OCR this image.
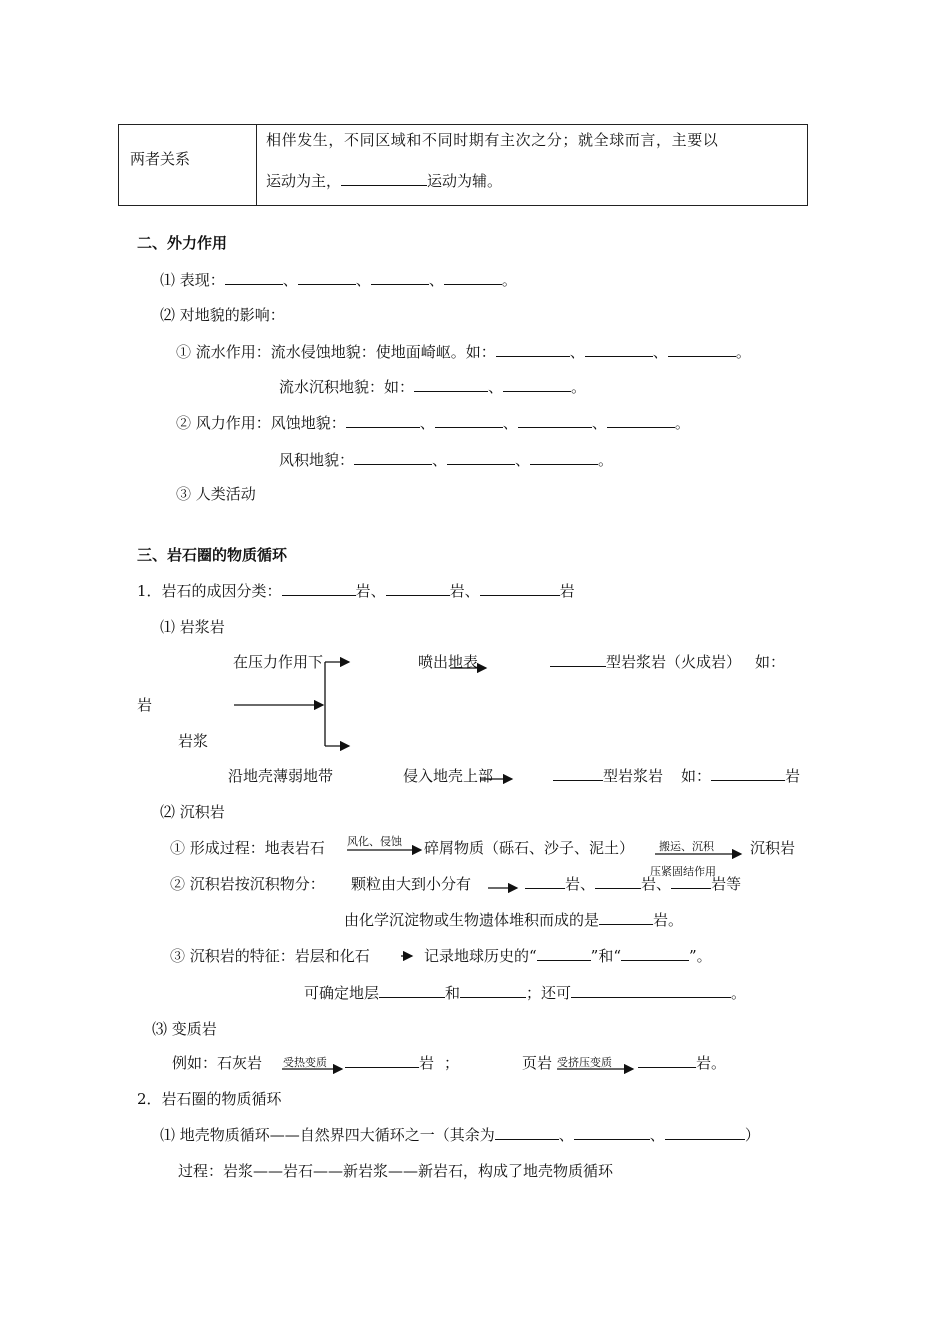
两者关系
相伴发生，不同区域和不同时期有主次之分；就全球而言，主要以
运动为主，	运动为辅。
二、外力作用
⑴ 表现：	、	、	、	。
⑵ 对地貌的影响：
① 流水作用：流水侵蚀地貌：使地面崎岖。如：	、	、	。
流水沉积地貌：如：	、	。
② 风力作用：风蚀地貌：	、	、	、	。
风积地貌：	、	、	。
③ 人类活动
三、岩石圈的物质循环
1．岩石的成因分类：	岩、	岩、	岩
⑴ 岩浆岩
在压力作用下	喷出地表	型岩浆岩（火成岩） 如：
岩
岩浆
沿地壳薄弱地带	侵入地壳上部	型岩浆岩 如：	岩
⑵ 沉积岩
① 形成过程：地表岩石 风化、侵蚀 碎屑物质（砾石、沙子、泥土） 搬运、沉积
压紧固结作用
沉积岩
② 沉积岩按沉积物分： 颗粒由大到小分有	岩、	岩、	岩等
由化学沉淀物或生物遗体堆积而成的是	岩。
③ 沉积岩的特征：岩层和化石	记录地球历史的“	”和“	”。
可确定地层	和	；还可	。
⑶ 变质岩
例如：石灰岩 受热变质	岩 ；	页岩 受挤压变质	岩。
2．岩石圈的物质循环
⑴ 地壳物质循环——自然界四大循环之一（其余为	、	、	）
过程：岩浆——岩石——新岩浆——新岩石，构成了地壳物质循环
